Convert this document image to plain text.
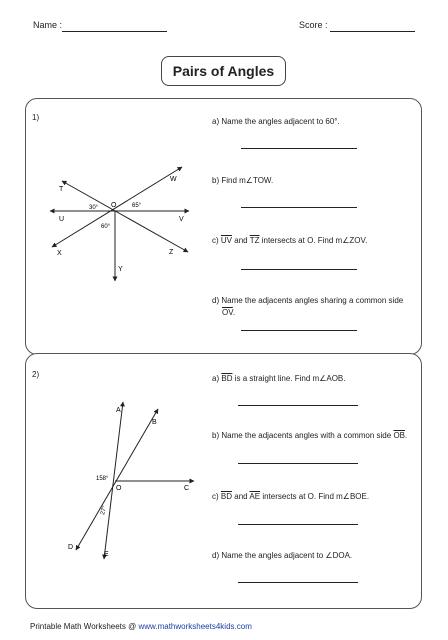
Name :	Score :
Pairs of Angles
1)
T
W
U	V
X	Z
Y
O
30°	65°
60°
a) Name the angles adjacent to 60°.
b) Find m∠TOW.
c) $\overline{UV}$ and $\overline{TZ}$ intersects at O. Find m∠ZOV.
d) Name the adjacents angles sharing a common side
$\overline{OV}$.
2)
A
B
C
D
E
O
158°
27°
a) $\overline{BD}$ is a straight line. Find m∠AOB.
b) Name the adjacents angles with a common side $\overline{OB}$.
c) $\overline{BD}$ and $\overline{AE}$ intersects at O. Find m∠BOE.
d) Name the angles adjacent to ∠DOA.
Printable Math Worksheets @ www.mathworksheets4kids.com
